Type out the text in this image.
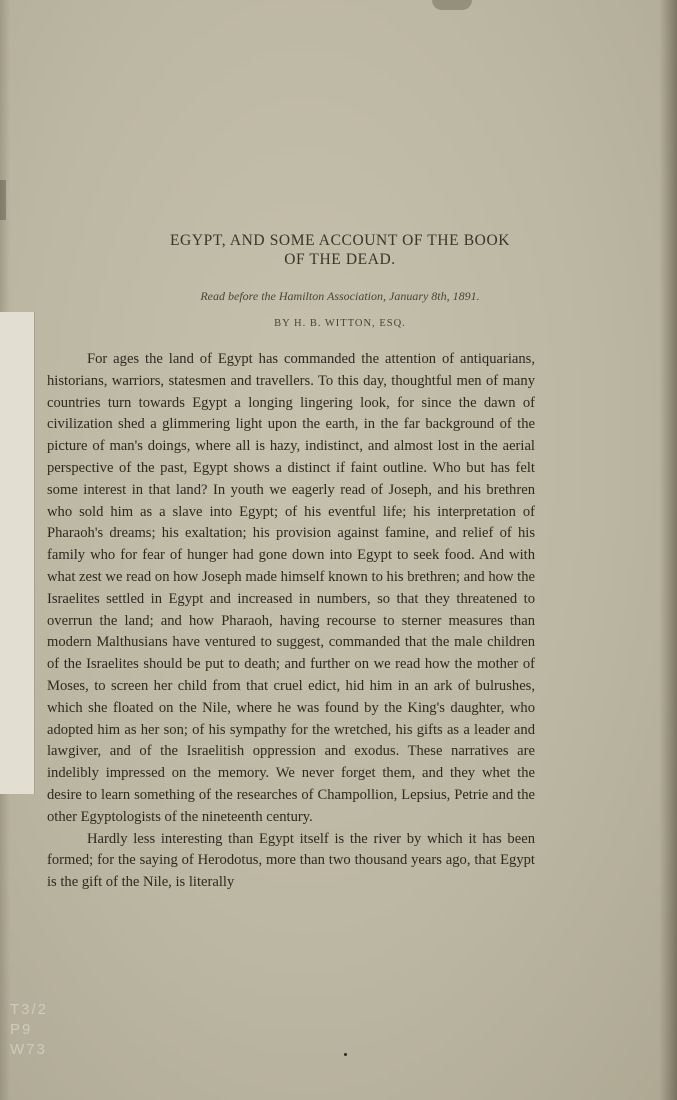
EGYPT, AND SOME ACCOUNT OF THE BOOK
OF THE DEAD.
Read before the Hamilton Association, January 8th, 1891.
BY H. B. WITTON, ESQ.

For ages the land of Egypt has commanded the attention of antiquarians, historians, warriors, statesmen and travellers. To this day, thoughtful men of many countries turn towards Egypt a longing lingering look, for since the dawn of civilization shed a glimmering light upon the earth, in the far background of the picture of man's doings, where all is hazy, indistinct, and almost lost in the aerial perspective of the past, Egypt shows a distinct if faint outline. Who but has felt some interest in that land? In youth we eagerly read of Joseph, and his brethren who sold him as a slave into Egypt; of his eventful life; his interpretation of Pharaoh's dreams; his exaltation; his provision against famine, and relief of his family who for fear of hunger had gone down into Egypt to seek food. And with what zest we read on how Joseph made himself known to his brethren; and how the Israelites settled in Egypt and increased in numbers, so that they threatened to overrun the land; and how Pharaoh, having recourse to sterner measures than modern Malthusians have ventured to suggest, commanded that the male children of the Israelites should be put to death; and further on we read how the mother of Moses, to screen her child from that cruel edict, hid him in an ark of bulrushes, which she floated on the Nile, where he was found by the King's daughter, who adopted him as her son; of his sympathy for the wretched, his gifts as a leader and lawgiver, and of the Israelitish oppression and exodus. These narratives are indelibly impressed on the memory. We never forget them, and they whet the desire to learn something of the researches of Champollion, Lepsius, Petrie and the other Egyptologists of the nineteenth century.

Hardly less interesting than Egypt itself is the river by which it has been formed; for the saying of Herodotus, more than two thousand years ago, that Egypt is the gift of the Nile, is literally

T3/2
P9
W73
